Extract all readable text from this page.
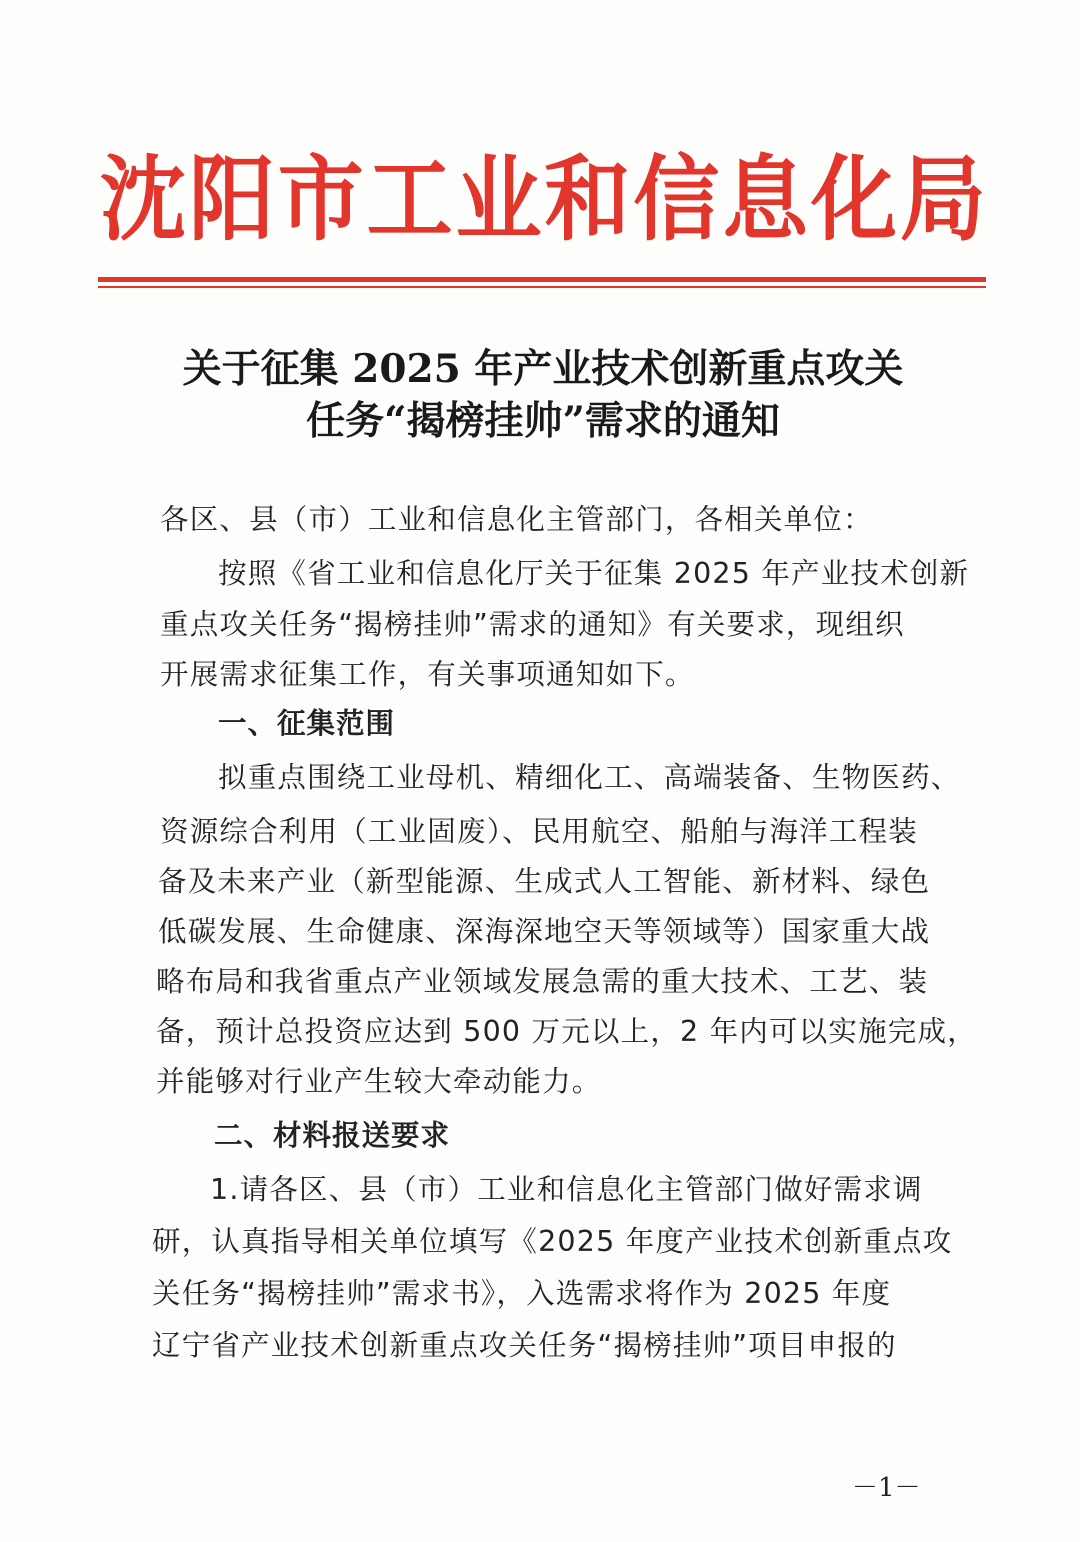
沈 阳 市 工 业 和 信 息 化 局
关于征集 2025 年产业技术创新重点攻关
任务“揭榜挂帅”需求的通知
各区、县（市）工业和信息化主管部门，各相关单位：
按照《省工业和信息化厅关于征集 2025 年产业技术创新
重点攻关任务“揭榜挂帅”需求的通知》有关要求，现组织
开展需求征集工作，有关事项通知如下。
一、征集范围
拟重点围绕工业母机、精细化工、高端装备、生物医药、
资源综合利用（工业固废）、民用航空、船舶与海洋工程装
备及未来产业（新型能源、生成式人工智能、新材料、绿色
低碳发展、生命健康、深海深地空天等领域等）国家重大战
略布局和我省重点产业领域发展急需的重大技术、工艺、装
备，预计总投资应达到 500 万元以上，2 年内可以实施完成，
并能够对行业产生较大牵动能力。
二、材料报送要求
1.请各区、县（市）工业和信息化主管部门做好需求调
研，认真指导相关单位填写《2025 年度产业技术创新重点攻
关任务“揭榜挂帅”需求书》，入选需求将作为 2025 年度
辽宁省产业技术创新重点攻关任务“揭榜挂帅”项目申报的
－1－
